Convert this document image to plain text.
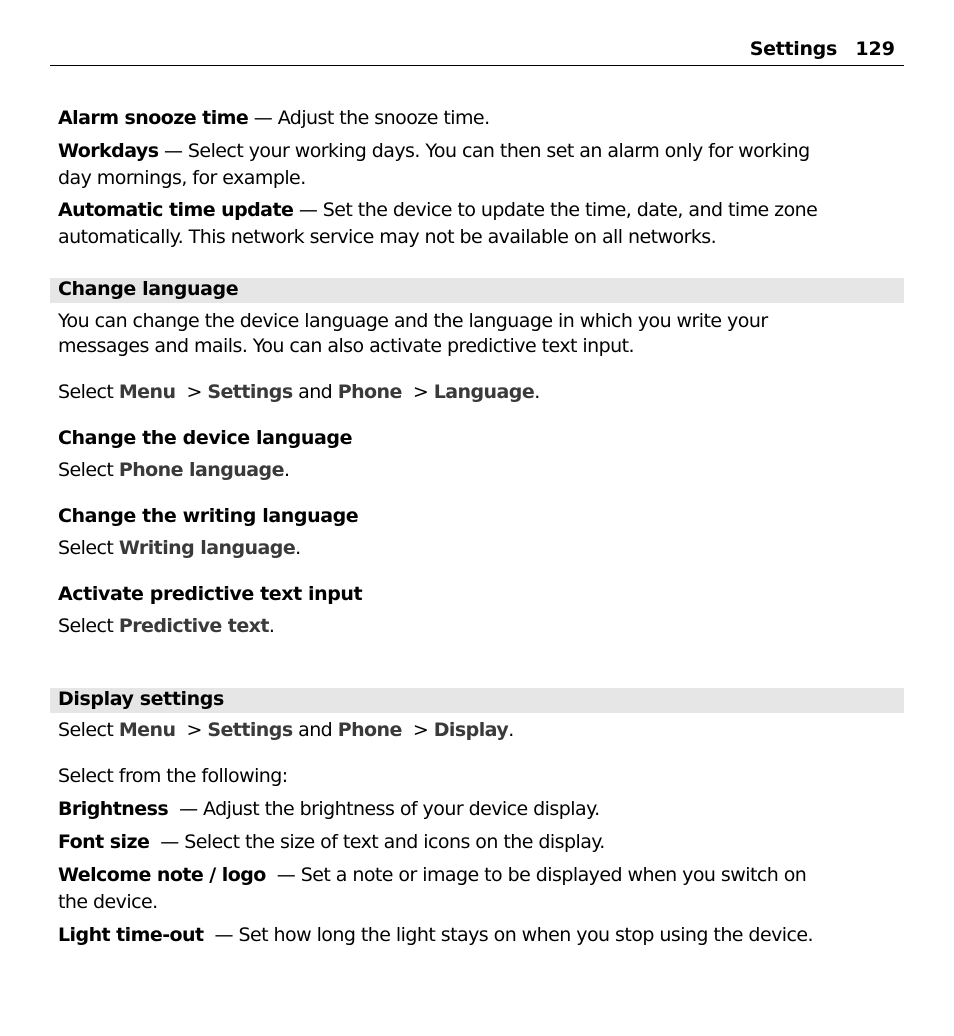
Settings 129
Alarm snooze time — Adjust the snooze time.
Workdays — Select your working days. You can then set an alarm only for working
day mornings, for example.
Automatic time update — Set the device to update the time, date, and time zone
automatically. This network service may not be available on all networks.
Change language
You can change the device language and the language in which you write your
messages and mails. You can also activate predictive text input.
Select Menu  > Settings and Phone  > Language.
Change the device language
Select Phone language.
Change the writing language
Select Writing language.
Activate predictive text input
Select Predictive text.
Display settings
Select Menu  > Settings and Phone  > Display.
Select from the following:
Brightness  — Adjust the brightness of your device display.
Font size  — Select the size of text and icons on the display.
Welcome note / logo  — Set a note or image to be displayed when you switch on
the device.
Light time-out  — Set how long the light stays on when you stop using the device.
